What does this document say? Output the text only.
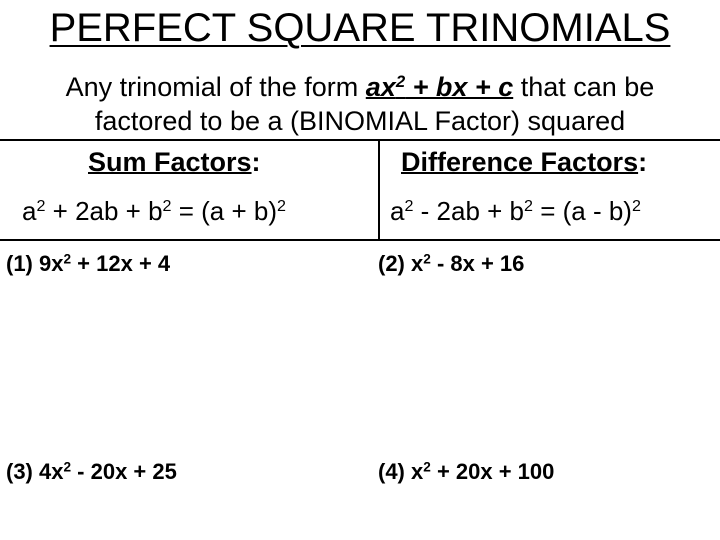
PERFECT SQUARE TRINOMIALS
Any trinomial of the form $ax^2$ + bx + c that can be
factored to be a (BINOMIAL Factor) squared
Sum Factors:	Difference Factors:
$a^2 + 2ab + b^2 = (a + b)^2$	$a^2 - 2ab + b^2 = (a - b)^2$
(1) $9x^2 + 12x + 4$	(2) $x^2 - 8x + 16$
(3) $4x^2 - 20x + 25$	(4) $x^2 + 20x + 100$
